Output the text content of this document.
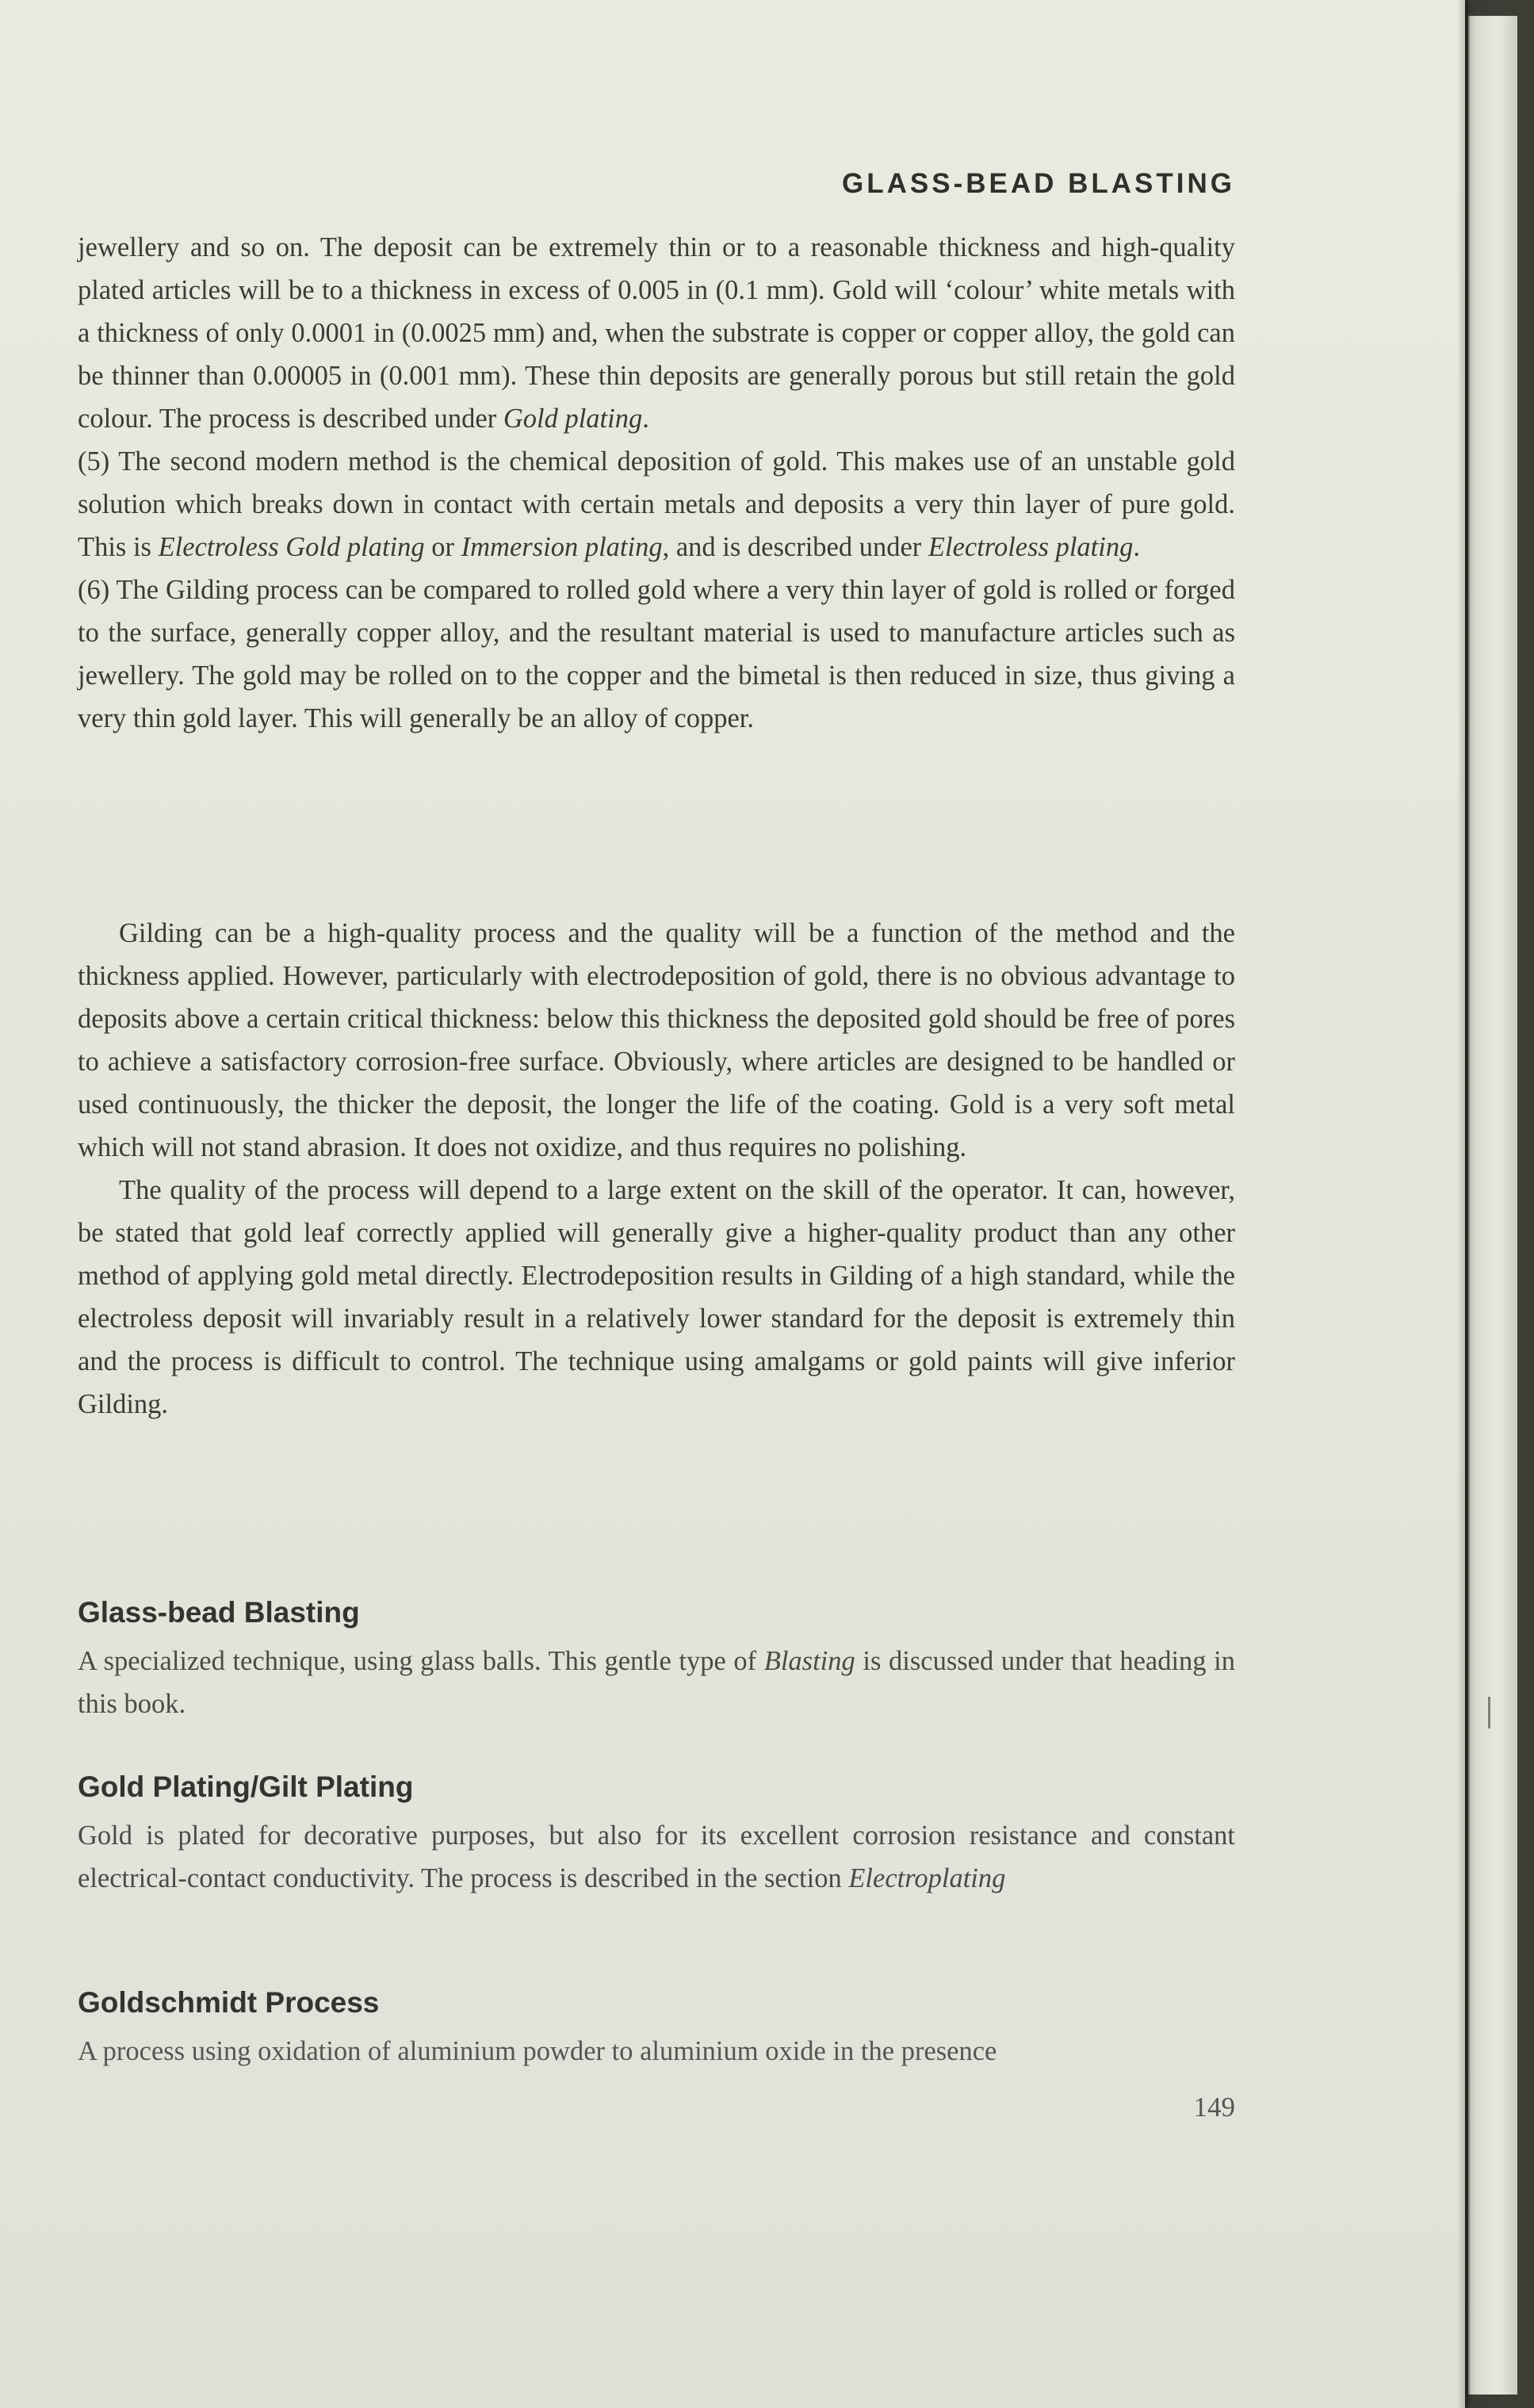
GLASS-BEAD BLASTING

jewellery and so on. The deposit can be extremely thin or to a reasonable thickness and high-quality plated articles will be to a thickness in excess of 0.005 in (0.1 mm). Gold will ‘colour’ white metals with a thickness of only 0.0001 in (0.0025 mm) and, when the substrate is copper or copper alloy, the gold can be thinner than 0.00005 in (0.001 mm). These thin deposits are generally porous but still retain the gold colour. The process is described under Gold plating.

(5) The second modern method is the chemical deposition of gold. This makes use of an unstable gold solution which breaks down in contact with certain metals and deposits a very thin layer of pure gold. This is Electroless Gold plating or Immersion plating, and is described under Electroless plating.

(6) The Gilding process can be compared to rolled gold where a very thin layer of gold is rolled or forged to the surface, generally copper alloy, and the resultant material is used to manufacture articles such as jewellery. The gold may be rolled on to the copper and the bimetal is then reduced in size, thus giving a very thin gold layer. This will generally be an alloy of copper.

Gilding can be a high-quality process and the quality will be a function of the method and the thickness applied. However, particularly with electrodeposition of gold, there is no obvious advantage to deposits above a certain critical thickness: below this thickness the deposited gold should be free of pores to achieve a satisfactory corrosion-free surface. Obviously, where articles are designed to be handled or used continuously, the thicker the deposit, the longer the life of the coating. Gold is a very soft metal which will not stand abrasion. It does not oxidize, and thus requires no polishing.

The quality of the process will depend to a large extent on the skill of the operator. It can, however, be stated that gold leaf correctly applied will generally give a higher-quality product than any other method of applying gold metal directly. Electrodeposition results in Gilding of a high standard, while the electroless deposit will invariably result in a relatively lower standard for the deposit is extremely thin and the process is difficult to control. The technique using amalgams or gold paints will give inferior Gilding.

Glass-bead Blasting

A specialized technique, using glass balls. This gentle type of Blasting is discussed under that heading in this book.

Gold Plating/Gilt Plating

Gold is plated for decorative purposes, but also for its excellent corrosion resistance and constant electrical-contact conductivity. The process is described in the section Electroplating

Goldschmidt Process

A process using oxidation of aluminium powder to aluminium oxide in the presence

149
